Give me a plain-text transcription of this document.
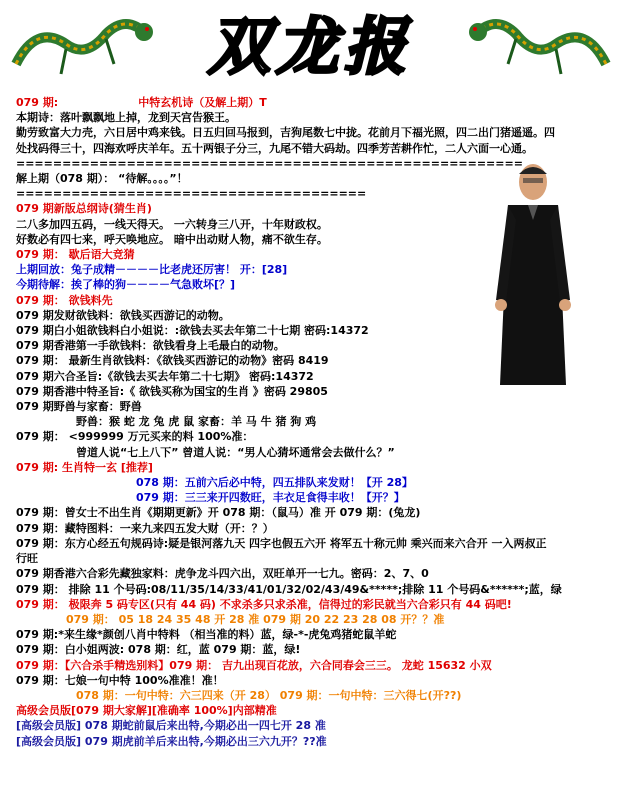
双龙报
079 期:	中特玄机诗（及解上期）T
本期诗：落叶飘飘地上掉，龙到天宫告猴王。
勤劳致富大力壳，六日居中鸡来钱。日五归回马报到，吉狗尾数七中拢。花前月下福光照，四二出门猪遥遥。四处找码得三十，四海欢呼庆羊年。五十两银子分三，九尾不错大码劫。四季芳苦耕作忙，二人六面一心通。
=======================================================
解上期（078 期）： “待解。。。。”！
======================================
079 期新版总纲诗(猜生肖)
二八多加四五码，一线天得天。 一六转身三八开，十年财政权。
好数必有四七来，呼天唤地应。 暗中出动财人物，痛不欲生存。
079 期： 歇后语大竞猜
上期回放：兔子成精－－－－比老虎还厉害！ 开：[28]
今期待解：挨了棒的狗－－－－气急败坏[？]
079 期： 欲钱料先
079 期发财欲钱料：欲钱买西游记的动物。
079 期白小姐欲钱料白小姐说：:欲钱去买去年第二十七期 密码:14372
079 期香港第一手欲钱料：欲钱看身上毛最白的动物。
079 期： 最新生肖欲钱料：《欲钱买西游记的动物》密码 8419
079 期六合圣旨:《欲钱去买去年第二十七期》 密码:14372
079 期香港中特圣旨:《 欲钱买称为国宝的生肖 》密码 29805
079 期野兽与家畜：野兽
野兽：猴 蛇 龙 兔 虎 鼠 家畜：羊 马 牛 猪 狗 鸡
079 期： <999999 万元买来的料 100%准：
曾道人说“七上八下” 曾道人说：“男人心猜坏通常会去做什么？”
079 期: 生肖特一玄 [推荐]
078 期：五前六后必中特，四五排队来发财！【开 28】
079 期：三三来开四数旺，丰衣足食得丰收！【开？】
079 期：曾女士不出生肖《期期更新》开 078 期：（鼠马）准 开 079 期：(兔龙)
079 期：藏特图料：一来九来四五发大财（开：？）
079 期：东方心经五句规码诗:疑是银河落九天 四字也假五六开 将军五十称元帅 乘兴而来六合开 一入两叔正行旺
079 期香港六合彩先藏独家料：虎争龙斗四六出，双旺单开一七九。密码：2、7、0
079 期： 排除 11 个号码:08/11/35/14/33/41/01/32/02/43/49&*****;排除 11 个号码&******;蓝，绿
079 期： 极限奔 5 码专区(只有 44 码) 不求杀多只求杀准，信得过的彩民就当六合彩只有 44 码吧!
079 期： 05 18 24 35 48 开 28 准 079 期 20 22 23 28 08 开？？准
079 期:*来生缘*颜创八肖中特料 （相当准的料）蓝，绿-*-虎兔鸡猪蛇鼠羊蛇
079 期：白小姐两波: 078 期：红，蓝 079 期：蓝，绿!
079 期：【六合杀手精选别料】079 期： 吉九出现百花放，六合同春会三三。 龙蛇 15632 小双
079 期：七娘一句中特 100%准准！准！
078 期：一句中特：六三四来（开 28） 079 期：一句中特：三六得七(开??)
高级会员版[079 期大家解][准确率 100%]内部精准
[高级会员版] 078 期蛇前鼠后来出特,今期必出一四七开 28 准
[高级会员版] 079 期虎前羊后来出特,今期必出三六九开？??准
